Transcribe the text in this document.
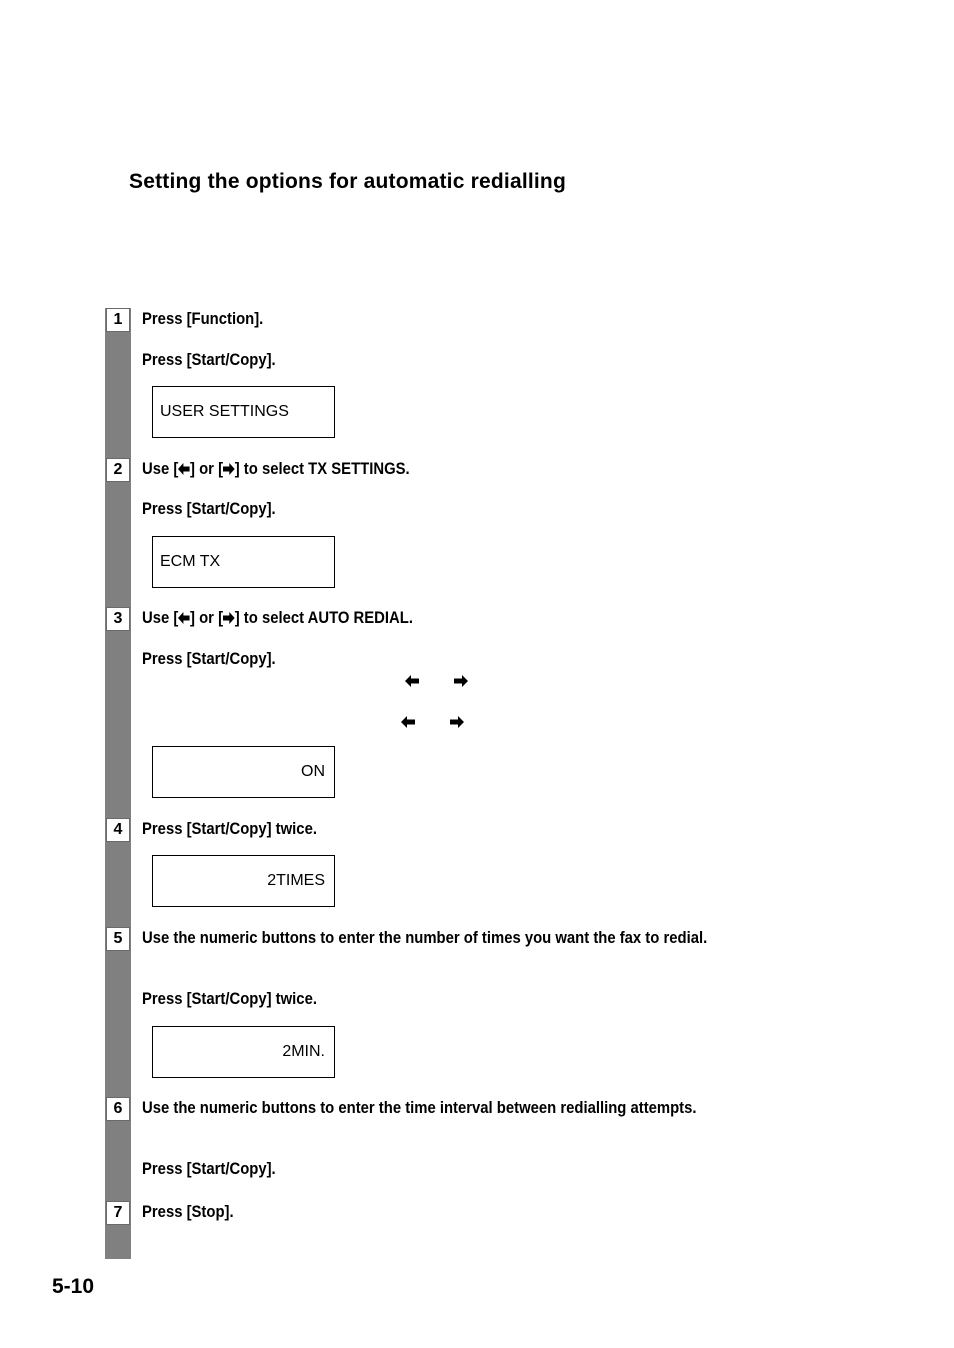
Setting the options for automatic redialling
1	Press [Function].
Press [Start/Copy].
USER SETTINGS
2	Use [ ] or [ ] to select TX SETTINGS.
Press [Start/Copy].
ECM TX
3	Use [ ] or [ ] to select AUTO REDIAL.
Press [Start/Copy].
ON
4	Press [Start/Copy] twice.
2TIMES
5	Use the numeric buttons to enter the number of times you want the fax to redial.
Press [Start/Copy] twice.
2MIN.
6	Use the numeric buttons to enter the time interval between redialling attempts.
Press [Start/Copy].
7	Press [Stop].
5-10
